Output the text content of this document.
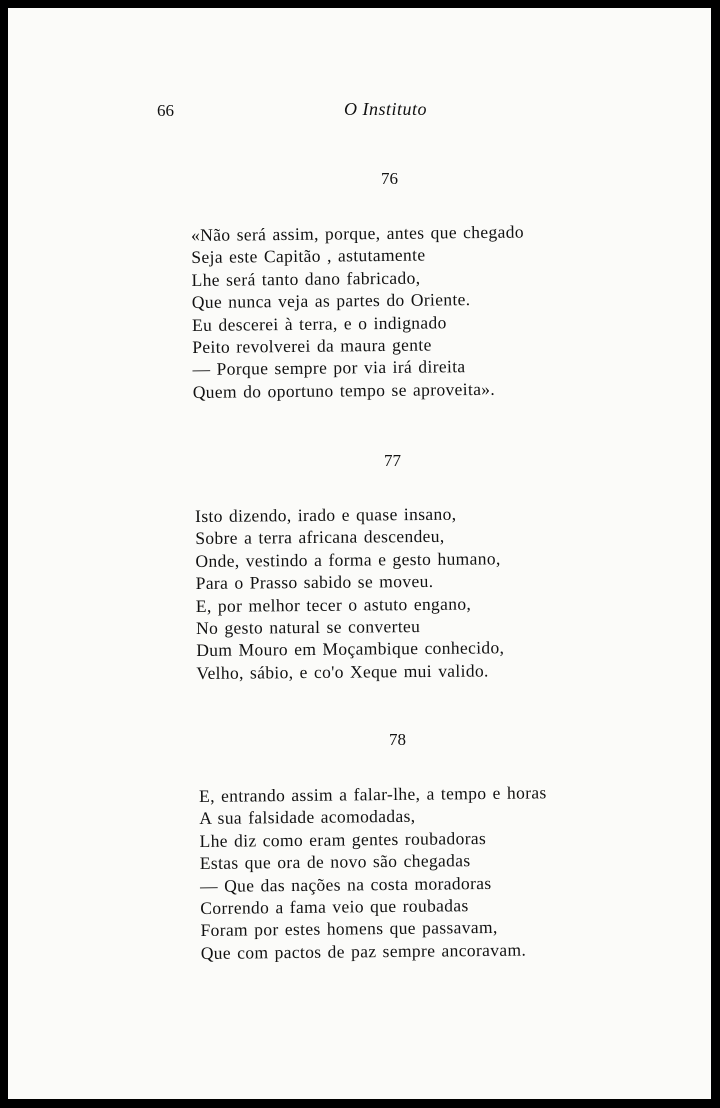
66	O Instituto
76
«Não será assim, porque, antes que chegado
Seja este Capitão , astutamente
Lhe será tanto dano fabricado,
Que nunca veja as partes do Oriente.
Eu descerei à terra, e o indignado
Peito revolverei da maura gente
— Porque sempre por via irá direita
Quem do oportuno tempo se aproveita».
77
Isto dizendo, irado e quase insano,
Sobre a terra africana descendeu,
Onde, vestindo a forma e gesto humano,
Para o Prasso sabido se moveu.
E, por melhor tecer o astuto engano,
No gesto natural se converteu
Dum Mouro em Moçambique conhecido,
Velho, sábio, e co'o Xeque mui valido.
78
E, entrando assim a falar-lhe, a tempo e horas
A sua falsidade acomodadas,
Lhe diz como eram gentes roubadoras
Estas que ora de novo são chegadas
— Que das nações na costa moradoras
Correndo a fama veio que roubadas
Foram por estes homens que passavam,
Que com pactos de paz sempre ancoravam.
